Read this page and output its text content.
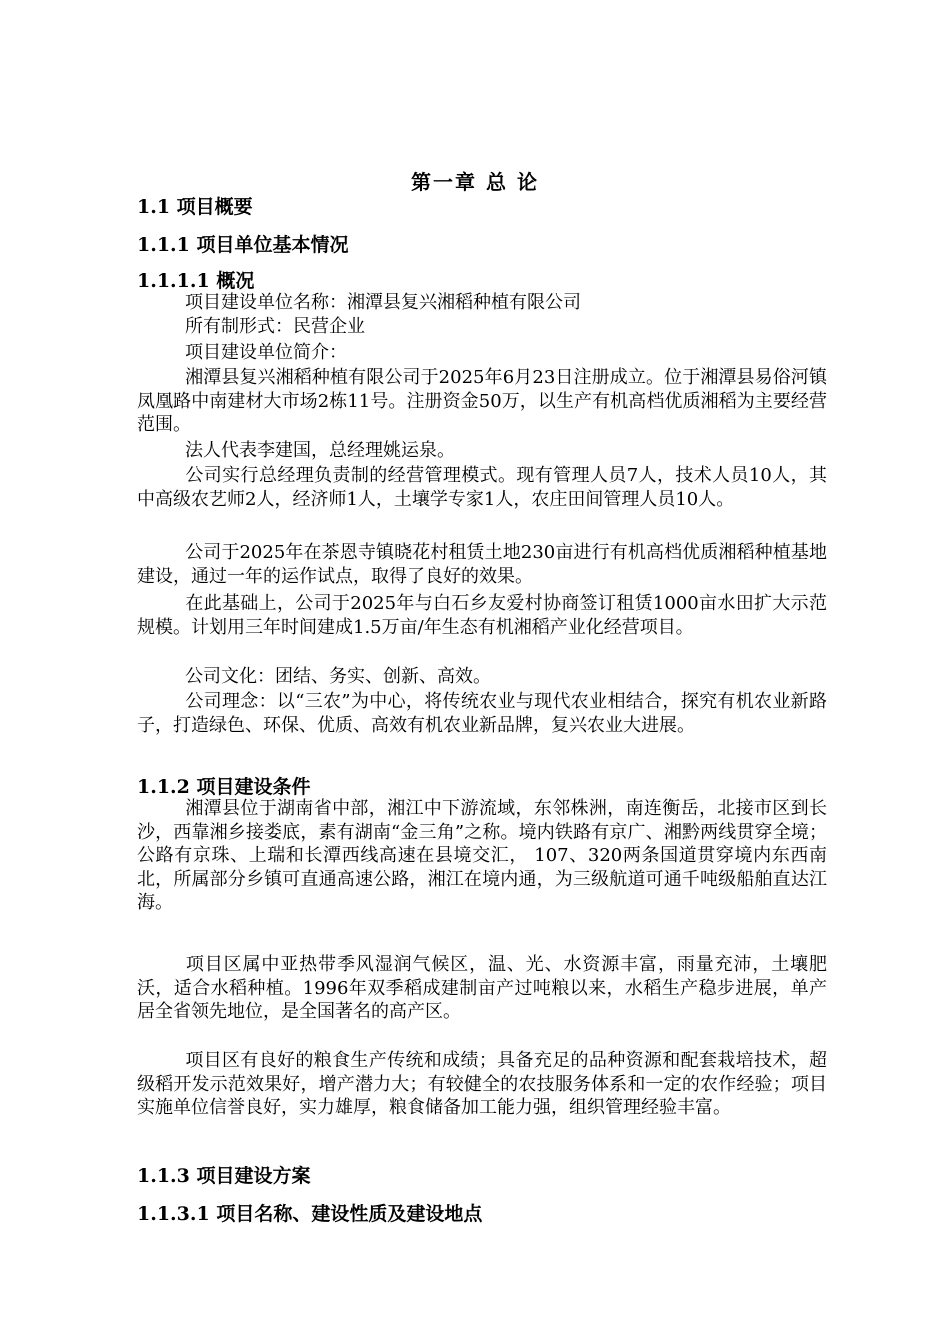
第一章 总 论
1.1 项目概要
1.1.1 项目单位基本情况
1.1.1.1 概况

项目建设单位名称：湘潭县复兴湘稻种植有限公司

所有制形式：民营企业

项目建设单位简介：

湘潭县复兴湘稻种植有限公司于2025年6月23日注册成立。位于湘潭县易俗河镇凤凰路中南建材大市场2栋11号。注册资金50万，以生产有机高档优质湘稻为主要经营范围。

法人代表李建国，总经理姚运泉。

公司实行总经理负责制的经营管理模式。现有管理人员7人，技术人员10人，其中高级农艺师2人，经济师1人，土壤学专家1人，农庄田间管理人员10人。

公司于2025年在茶恩寺镇晓花村租赁土地230亩进行有机高档优质湘稻种植基地建设，通过一年的运作试点，取得了良好的效果。

在此基础上，公司于2025年与白石乡友爱村协商签订租赁1000亩水田扩大示范规模。计划用三年时间建成1.5万亩/年生态有机湘稻产业化经营项目。

公司文化：团结、务实、创新、高效。

公司理念：以“三农”为中心，将传统农业与现代农业相结合，探究有机农业新路子，打造绿色、环保、优质、高效有机农业新品牌，复兴农业大进展。

1.1.2 项目建设条件

湘潭县位于湖南省中部，湘江中下游流域，东邻株洲，南连衡岳，北接市区到长沙，西靠湘乡接娄底，素有湖南“金三角”之称。境内铁路有京广、湘黔两线贯穿全境；公路有京珠、上瑞和长潭西线高速在县境交汇， 107、320两条国道贯穿境内东西南北，所属部分乡镇可直通高速公路，湘江在境内通，为三级航道可通千吨级船舶直达江海。

项目区属中亚热带季风湿润气候区，温、光、水资源丰富，雨量充沛，土壤肥沃，适合水稻种植。1996年双季稻成建制亩产过吨粮以来，水稻生产稳步进展，单产居全省领先地位，是全国著名的高产区。

项目区有良好的粮食生产传统和成绩；具备充足的品种资源和配套栽培技术，超级稻开发示范效果好，增产潜力大；有较健全的农技服务体系和一定的农作经验；项目实施单位信誉良好，实力雄厚，粮食储备加工能力强，组织管理经验丰富。

1.1.3 项目建设方案
1.1.3.1 项目名称、建设性质及建设地点
